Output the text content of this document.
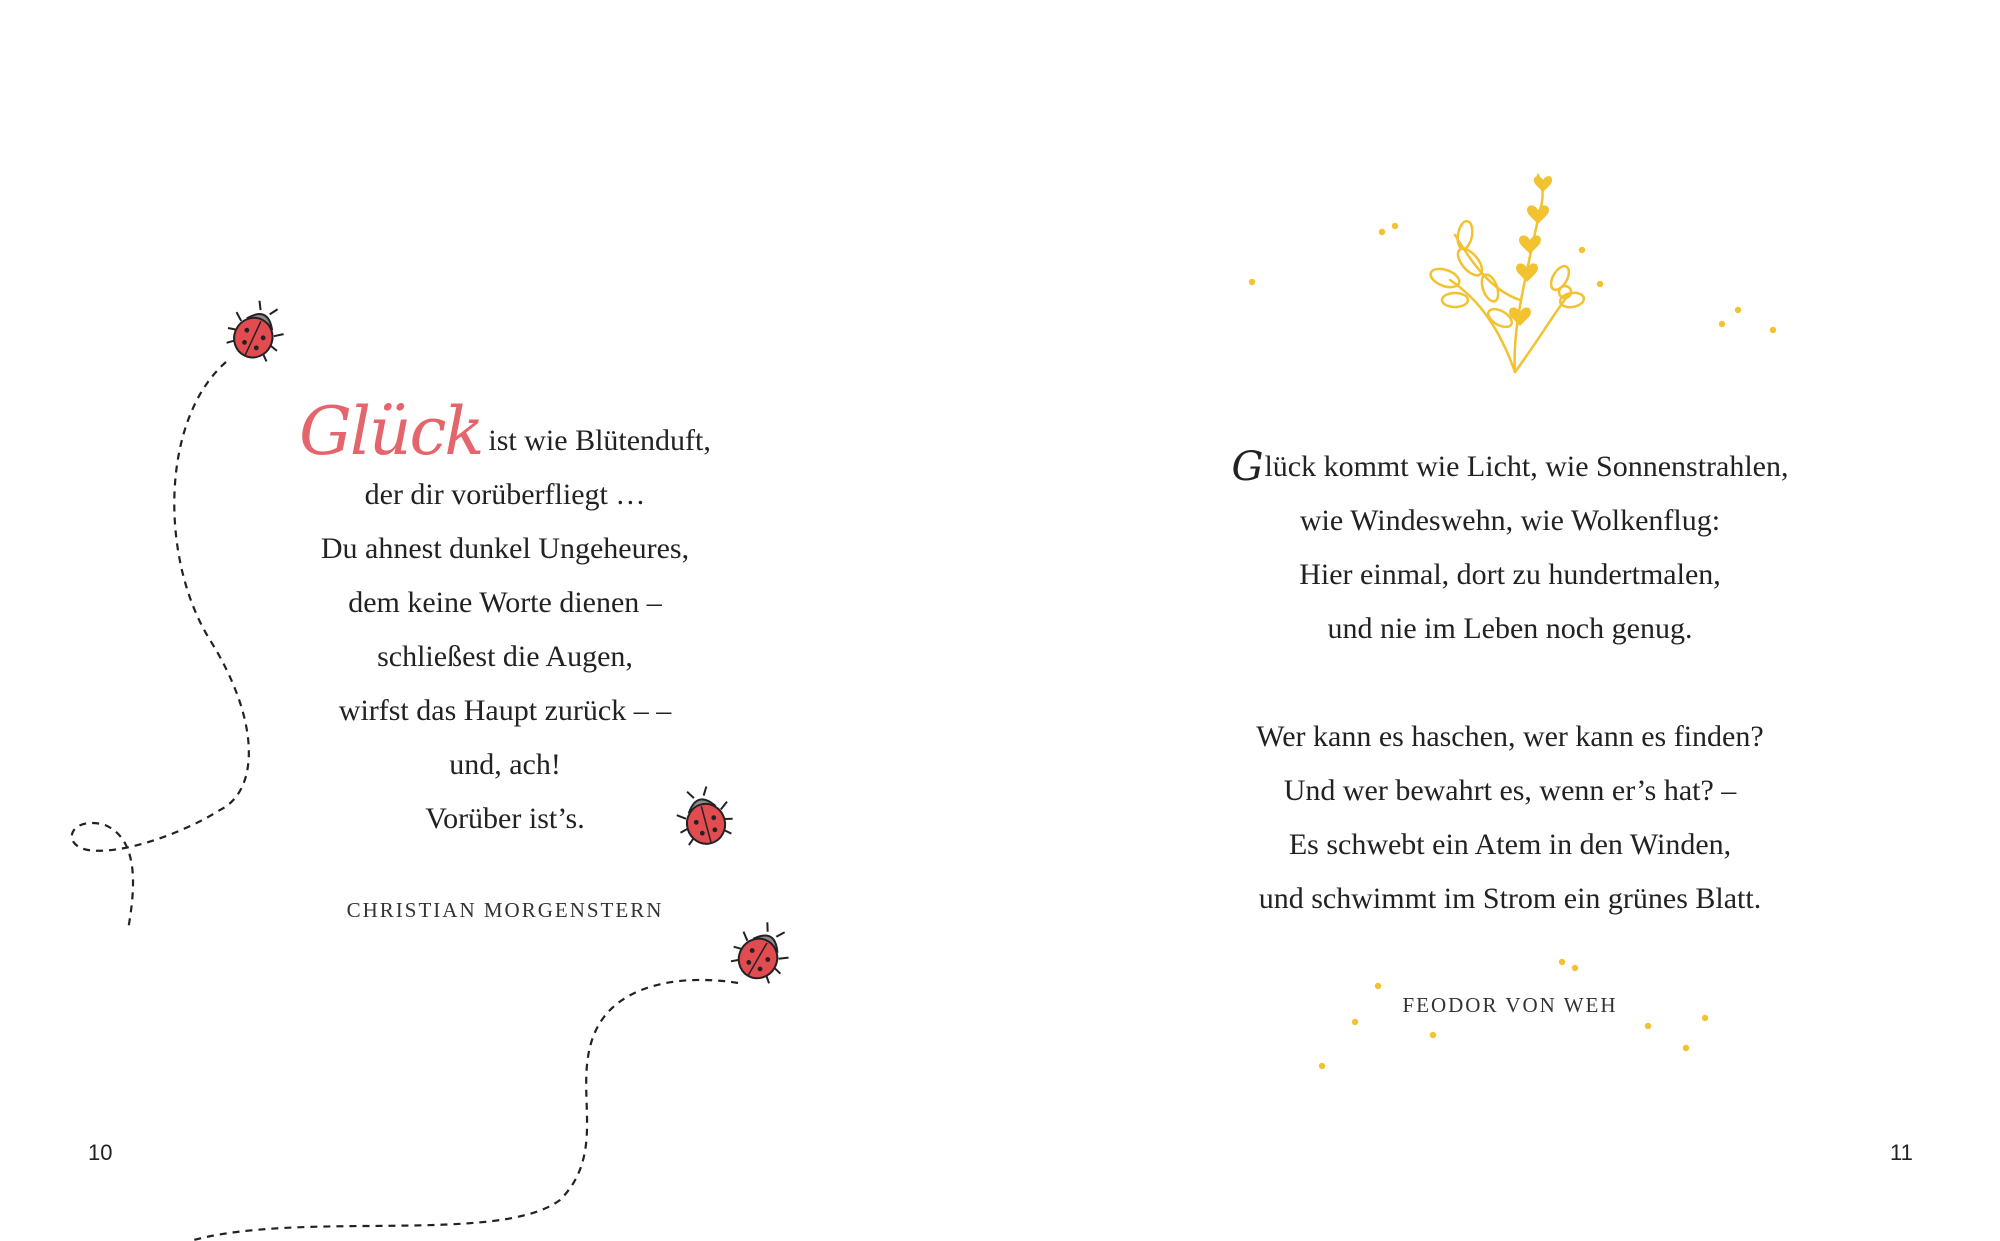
Glück ist wie Blütenduft,
der dir vorüberfliegt …
Du ahnest dunkel Ungeheures,
dem keine Worte dienen –
schließest die Augen,
wirfst das Haupt zurück – –
und, ach!
Vorüber ist’s.
CHRISTIAN MORGENSTERN
10
Glück kommt wie Licht, wie Sonnenstrahlen,
wie Windeswehn, wie Wolkenflug:
Hier einmal, dort zu hundertmalen,
und nie im Leben noch genug.
Wer kann es haschen, wer kann es finden?
Und wer bewahrt es, wenn er’s hat? –
Es schwebt ein Atem in den Winden,
und schwimmt im Strom ein grünes Blatt.
FEODOR VON WEH
11
